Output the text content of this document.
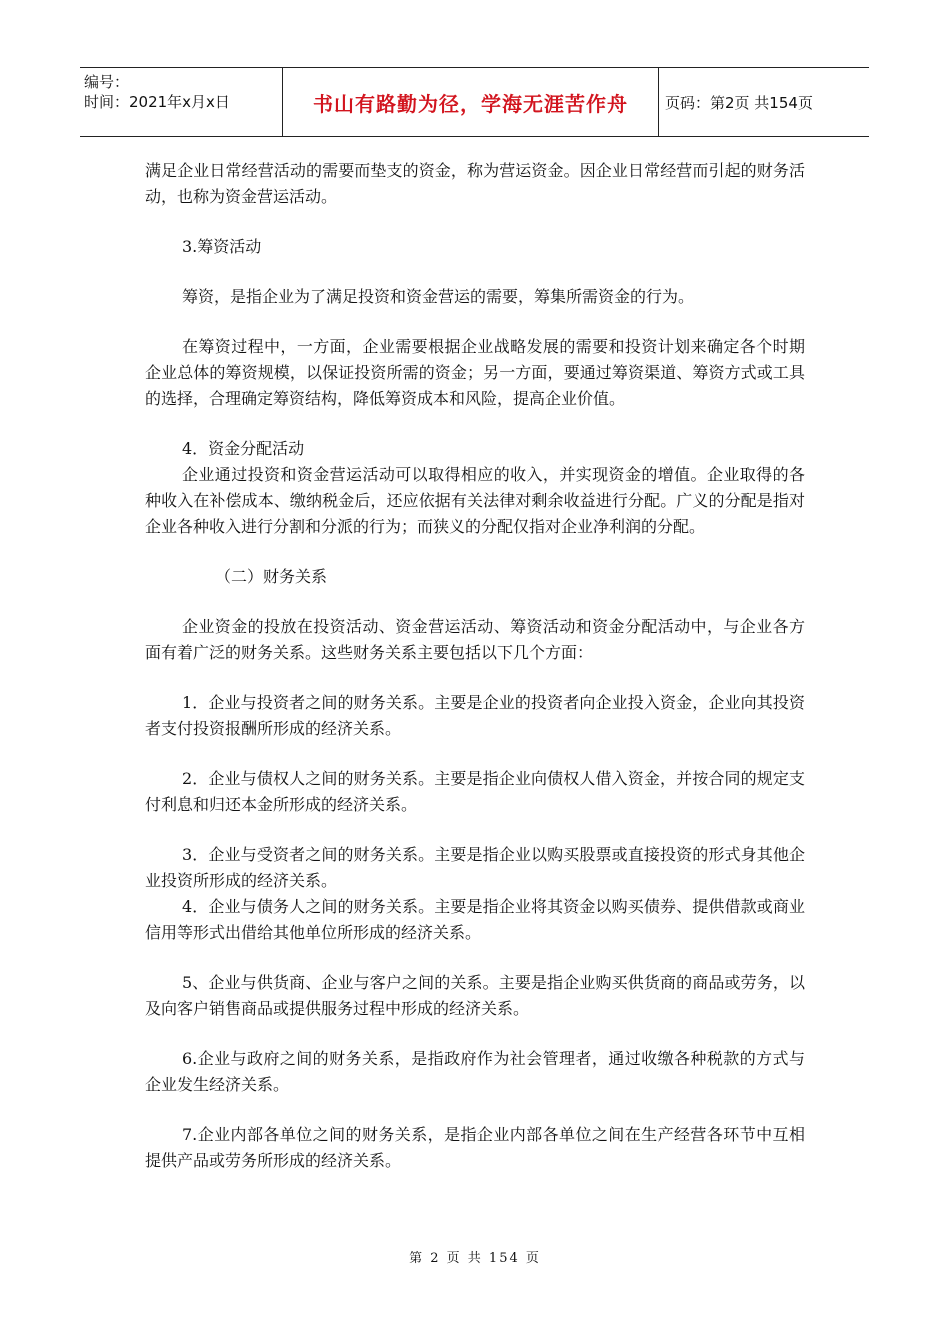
编号：
时间：2021年x月x日	书山有路勤为径，学海无涯苦作舟	页码：第2页 共154页

满足企业日常经营活动的需要而垫支的资金，称为营运资金。因企业日常经营而引起的财务活动，也称为资金营运活动。

3.筹资活动

筹资，是指企业为了满足投资和资金营运的需要，筹集所需资金的行为。

在筹资过程中，一方面，企业需要根据企业战略发展的需要和投资计划来确定各个时期企业总体的筹资规模，以保证投资所需的资金；另一方面，要通过筹资渠道、筹资方式或工具的选择，合理确定筹资结构，降低筹资成本和风险，提高企业价值。

4．资金分配活动

企业通过投资和资金营运活动可以取得相应的收入，并实现资金的增值。企业取得的各种收入在补偿成本、缴纳税金后，还应依据有关法律对剩余收益进行分配。广义的分配是指对企业各种收入进行分割和分派的行为；而狭义的分配仅指对企业净利润的分配。

（二）财务关系

企业资金的投放在投资活动、资金营运活动、筹资活动和资金分配活动中，与企业各方面有着广泛的财务关系。这些财务关系主要包括以下几个方面：

1．企业与投资者之间的财务关系。主要是企业的投资者向企业投入资金，企业向其投资者支付投资报酬所形成的经济关系。

2．企业与债权人之间的财务关系。主要是指企业向债权人借入资金，并按合同的规定支付利息和归还本金所形成的经济关系。

3．企业与受资者之间的财务关系。主要是指企业以购买股票或直接投资的形式身其他企业投资所形成的经济关系。

4．企业与债务人之间的财务关系。主要是指企业将其资金以购买债券、提供借款或商业信用等形式出借给其他单位所形成的经济关系。

5、企业与供货商、企业与客户之间的关系。主要是指企业购买供货商的商品或劳务，以及向客户销售商品或提供服务过程中形成的经济关系。

6.企业与政府之间的财务关系，是指政府作为社会管理者，通过收缴各种税款的方式与企业发生经济关系。

7.企业内部各单位之间的财务关系，是指企业内部各单位之间在生产经营各环节中互相提供产品或劳务所形成的经济关系。

第 2 页 共 154 页
